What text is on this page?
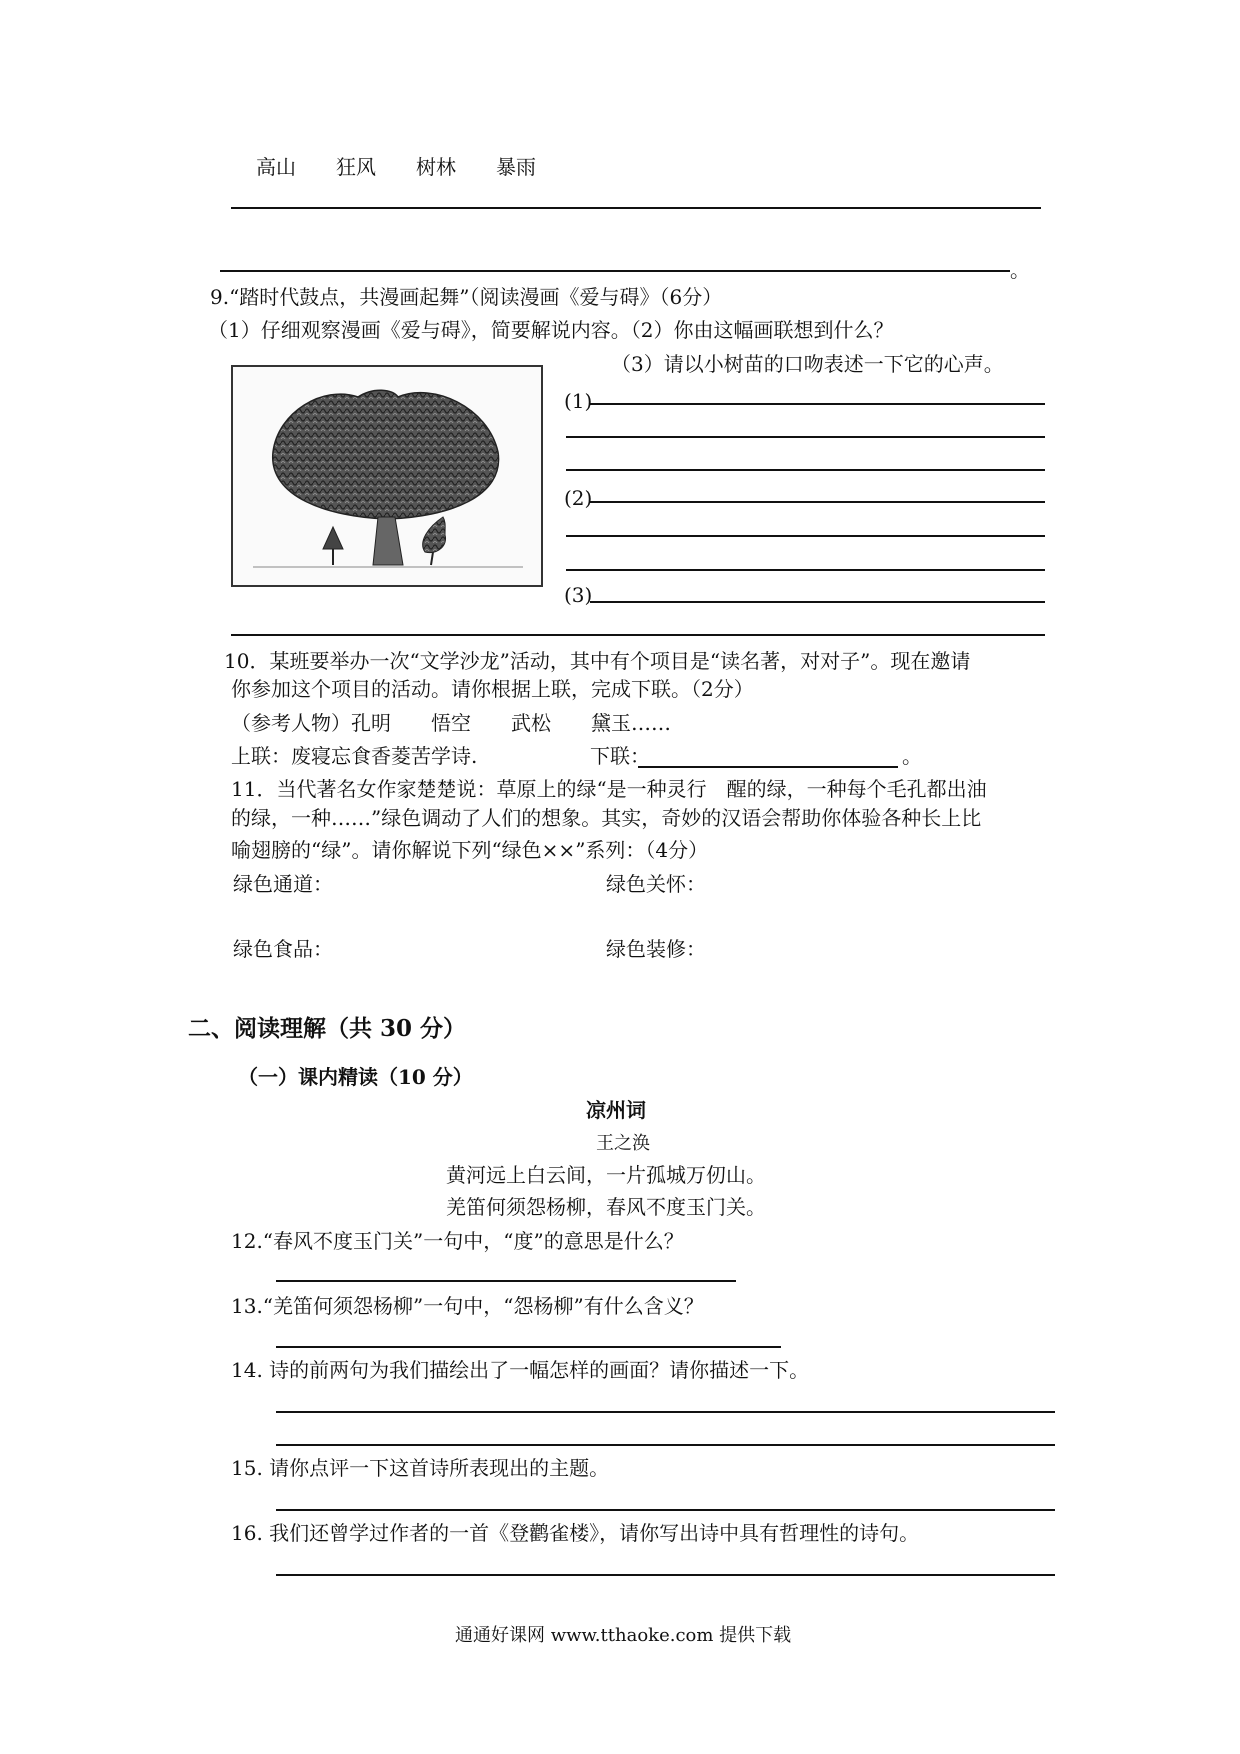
高山　　狂风　　树林　　暴雨
。
9.“踏时代鼓点，共漫画起舞”（阅读漫画《爱与碍》（6分）
（1）仔细观察漫画《爱与碍》，简要解说内容。（2）你由这幅画联想到什么？
（3）请以小树苗的口吻表述一下它的心声。
(1)
(2)
(3)
10．某班要举办一次“文学沙龙”活动，其中有个项目是“读名著，对对子”。现在邀请
你参加这个项目的活动。请你根据上联，完成下联。（2分）
（参考人物）孔明　　悟空　　武松　　黛玉……
上联：废寝忘食香菱苦学诗.	下联：	。
11．当代著名女作家楚楚说：草原上的绿“是一种灵行　醒的绿，一种每个毛孔都出油
的绿，一种……”绿色调动了人们的想象。其实，奇妙的汉语会帮助你体验各种长上比
喻翅膀的“绿”。请你解说下列“绿色××”系列：（4分）
绿色通道：	绿色关怀：
绿色食品：	绿色装修：
二、阅读理解（共 30 分）
（一）课内精读（10 分）
凉州词
王之涣
黄河远上白云间，一片孤城万仞山。
羌笛何须怨杨柳，春风不度玉门关。
12.“春风不度玉门关”一句中，“度”的意思是什么？
13.“羌笛何须怨杨柳”一句中，“怨杨柳”有什么含义？
14. 诗的前两句为我们描绘出了一幅怎样的画面？请你描述一下。
15. 请你点评一下这首诗所表现出的主题。
16. 我们还曾学过作者的一首《登鹳雀楼》，请你写出诗中具有哲理性的诗句。
通通好课网 www.tthaoke.com 提供下载
